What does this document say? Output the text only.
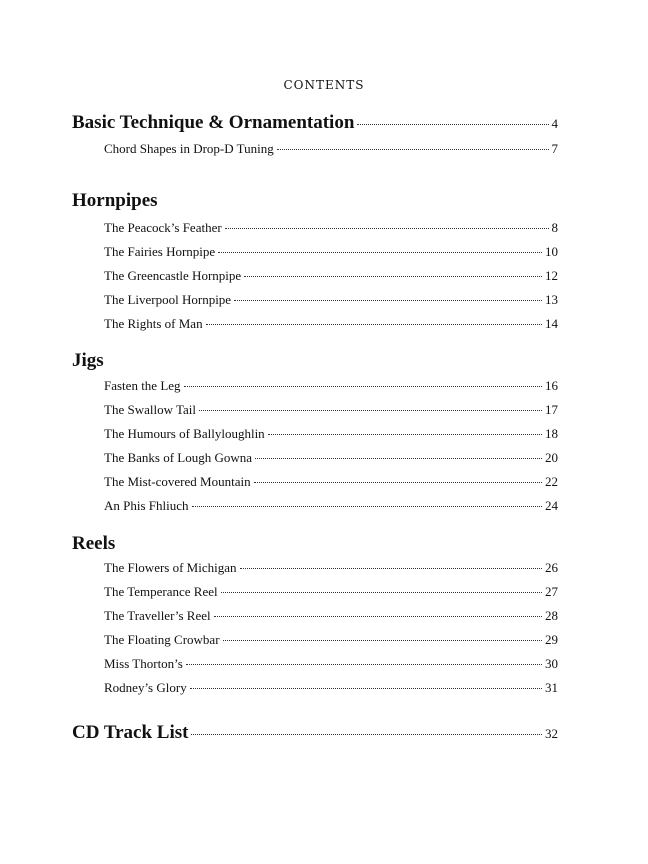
contents
Basic Technique & Ornamentation	4
Chord Shapes in Drop-D Tuning	7
Hornpipes
The Peacock’s Feather	8
The Fairies Hornpipe	10
The Greencastle Hornpipe	12
The Liverpool Hornpipe	13
The Rights of Man	14
Jigs
Fasten the Leg	16
The Swallow Tail	17
The Humours of Ballyloughlin	18
The Banks of Lough Gowna	20
The Mist-covered Mountain	22
An Phis Fhliuch	24
Reels
The Flowers of Michigan	26
The Temperance Reel	27
The Traveller’s Reel	28
The Floating Crowbar	29
Miss Thorton’s	30
Rodney’s Glory	31
CD Track List	32
